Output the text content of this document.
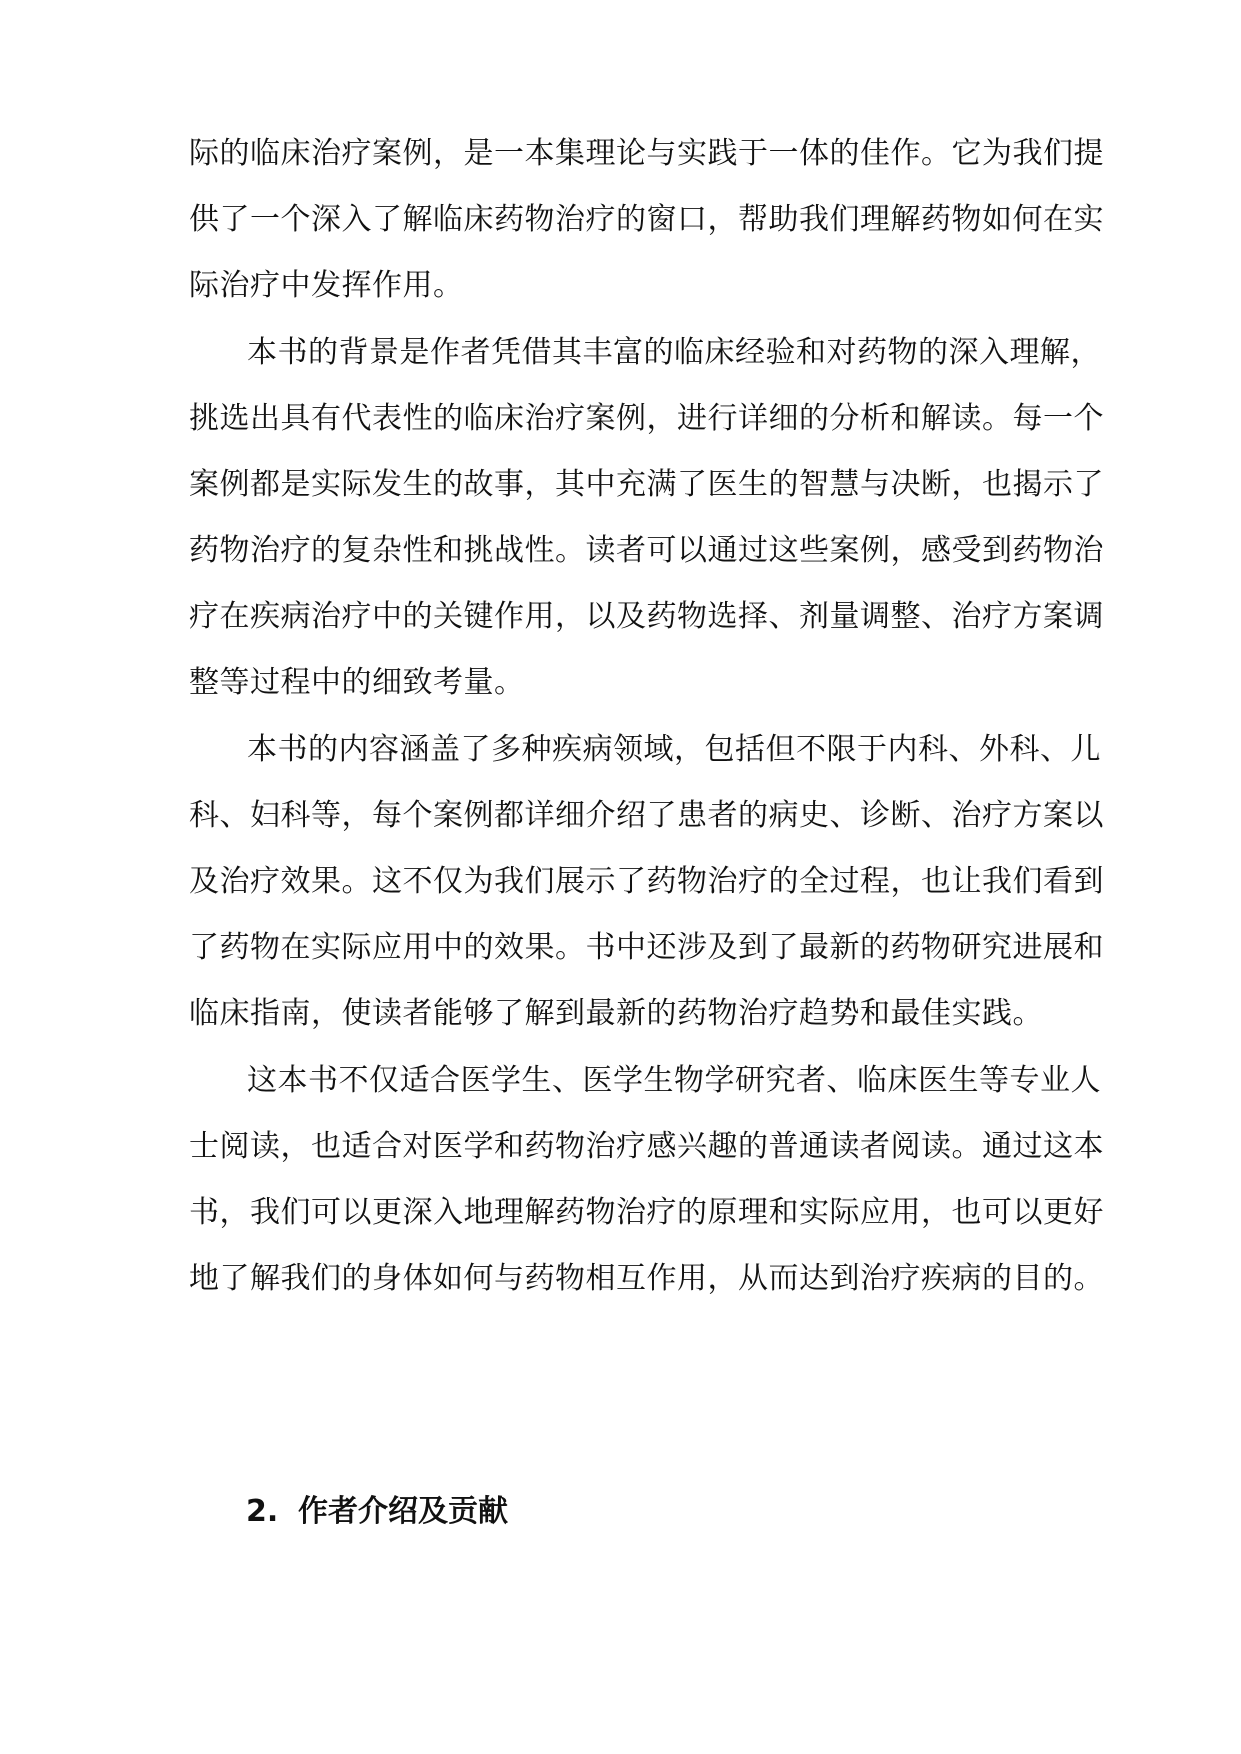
际的临床治疗案例，是一本集理论与实践于一体的佳作。它为我们提
供了一个深入了解临床药物治疗的窗口，帮助我们理解药物如何在实
际治疗中发挥作用。
本书的背景是作者凭借其丰富的临床经验和对药物的深入理解，
挑选出具有代表性的临床治疗案例，进行详细的分析和解读。每一个
案例都是实际发生的故事，其中充满了医生的智慧与决断，也揭示了
药物治疗的复杂性和挑战性。读者可以通过这些案例，感受到药物治
疗在疾病治疗中的关键作用，以及药物选择、剂量调整、治疗方案调
整等过程中的细致考量。
本书的内容涵盖了多种疾病领域，包括但不限于内科、外科、儿
科、妇科等，每个案例都详细介绍了患者的病史、诊断、治疗方案以
及治疗效果。这不仅为我们展示了药物治疗的全过程，也让我们看到
了药物在实际应用中的效果。书中还涉及到了最新的药物研究进展和
临床指南，使读者能够了解到最新的药物治疗趋势和最佳实践。
这本书不仅适合医学生、医学生物学研究者、临床医生等专业人
士阅读，也适合对医学和药物治疗感兴趣的普通读者阅读。通过这本
书，我们可以更深入地理解药物治疗的原理和实际应用，也可以更好
地了解我们的身体如何与药物相互作用，从而达到治疗疾病的目的。
2. 作者介绍及贡献
